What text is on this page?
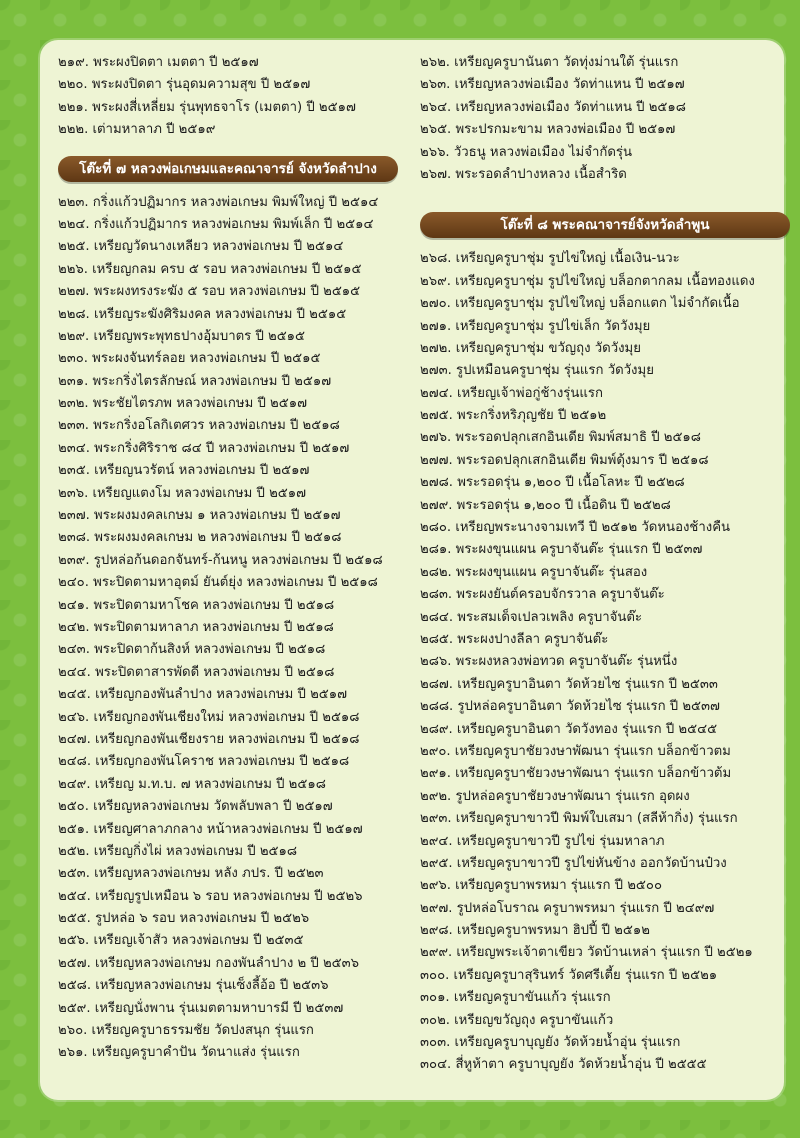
๒๑๙. พระผงปิดตา เมตตา ปี ๒๕๑๗
๒๒๐. พระผงปิดตา รุ่นอุดมความสุข ปี ๒๕๑๗
๒๒๑. พระผงสี่เหลี่ยม รุ่นพุทธจาโร (เมตตา) ปี ๒๕๑๗
๒๒๒. เต่ามหาลาภ ปี ๒๕๑๙
โต๊ะที่ ๗ หลวงพ่อเกษมและคณาจารย์ จังหวัดลำปาง
๒๒๓. กริ่งแก้วปฏิมากร หลวงพ่อเกษม พิมพ์ใหญ่ ปี ๒๕๑๔
๒๒๔. กริ่งแก้วปฏิมากร หลวงพ่อเกษม พิมพ์เล็ก ปี ๒๕๑๔
๒๒๕. เหรียญวัดนางเหลียว หลวงพ่อเกษม ปี ๒๕๑๔
๒๒๖. เหรียญกลม ครบ ๕ รอบ หลวงพ่อเกษม ปี ๒๕๑๕
๒๒๗. พระผงทรงระฆัง ๕ รอบ หลวงพ่อเกษม ปี ๒๕๑๕
๒๒๘. เหรียญระฆังศิริมงคล หลวงพ่อเกษม ปี ๒๕๑๕
๒๒๙. เหรียญพระพุทธปางอุ้มบาตร ปี ๒๕๑๕
๒๓๐. พระผงจันทร์ลอย หลวงพ่อเกษม ปี ๒๕๑๕
๒๓๑. พระกริ่งไตรลักษณ์ หลวงพ่อเกษม ปี ๒๕๑๗
๒๓๒. พระชัยไตรภพ หลวงพ่อเกษม ปี ๒๕๑๗
๒๓๓. พระกริ่งอโลกิเตศวร หลวงพ่อเกษม ปี ๒๕๑๘
๒๓๔. พระกริ่งศิริราช ๘๔ ปี หลวงพ่อเกษม ปี ๒๕๑๗
๒๓๕. เหรียญนวรัตน์ หลวงพ่อเกษม ปี ๒๕๑๗
๒๓๖. เหรียญแตงโม หลวงพ่อเกษม ปี ๒๕๑๗
๒๓๗. พระผงมงคลเกษม ๑ หลวงพ่อเกษม ปี ๒๕๑๗
๒๓๘. พระผงมงคลเกษม ๒ หลวงพ่อเกษม ปี ๒๕๑๘
๒๓๙. รูปหล่อก้นดอกจันทร์-ก้นหนู หลวงพ่อเกษม ปี ๒๕๑๘
๒๔๐. พระปิดตามหาอุตม์ ยันต์ยุ่ง หลวงพ่อเกษม ปี ๒๕๑๘
๒๔๑. พระปิดตามหาโชค หลวงพ่อเกษม ปี ๒๕๑๘
๒๔๒. พระปิดตามหาลาภ หลวงพ่อเกษม ปี ๒๕๑๘
๒๔๓. พระปิดตาก้นสิงห์ หลวงพ่อเกษม ปี ๒๕๑๘
๒๔๔. พระปิดตาสารพัดดี หลวงพ่อเกษม ปี ๒๕๑๘
๒๔๕. เหรียญกองพันลำปาง หลวงพ่อเกษม ปี ๒๕๑๗
๒๔๖. เหรียญกองพันเชียงใหม่ หลวงพ่อเกษม ปี ๒๕๑๘
๒๔๗. เหรียญกองพันเชียงราย หลวงพ่อเกษม ปี ๒๕๑๘
๒๔๘. เหรียญกองพันโคราช หลวงพ่อเกษม ปี ๒๕๑๘
๒๔๙. เหรียญ ม.ท.บ. ๗ หลวงพ่อเกษม ปี ๒๕๑๘
๒๕๐. เหรียญหลวงพ่อเกษม วัดพลับพลา ปี ๒๕๑๗
๒๕๑. เหรียญศาลาภกลาง หน้าหลวงพ่อเกษม ปี ๒๕๑๗
๒๕๒. เหรียญกิ่งไผ่ หลวงพ่อเกษม ปี ๒๕๑๘
๒๕๓. เหรียญหลวงพ่อเกษม หลัง ภปร. ปี ๒๕๒๓
๒๕๔. เหรียญรูปเหมือน ๖ รอบ หลวงพ่อเกษม ปี ๒๕๒๖
๒๕๕. รูปหล่อ ๖ รอบ หลวงพ่อเกษม ปี ๒๕๒๖
๒๕๖. เหรียญเจ้าสัว หลวงพ่อเกษม ปี ๒๕๓๕
๒๕๗. เหรียญหลวงพ่อเกษม กองพันลำปาง ๒ ปี ๒๕๓๖
๒๕๘. เหรียญหลวงพ่อเกษม รุ่นเซ็งลี้อ้อ ปี ๒๕๓๖
๒๕๙. เหรียญนั่งพาน รุ่นเมตตามหาบารมี ปี ๒๕๓๗
๒๖๐. เหรียญครูบาธรรมชัย วัดปงสนุก รุ่นแรก
๒๖๑. เหรียญครูบาคำปัน วัดนาแส่ง รุ่นแรก
๒๖๒. เหรียญครูบานันตา วัดทุ่งม่านใต้ รุ่นแรก
๒๖๓. เหรียญหลวงพ่อเมือง วัดท่าแหน ปี ๒๕๑๗
๒๖๔. เหรียญหลวงพ่อเมือง วัดท่าแหน ปี ๒๕๑๘
๒๖๕. พระปรกมะขาม หลวงพ่อเมือง ปี ๒๕๑๗
๒๖๖. วัวธนู หลวงพ่อเมือง ไม่จำกัดรุ่น
๒๖๗. พระรอดลำปางหลวง เนื้อสำริด
โต๊ะที่ ๘ พระคณาจารย์จังหวัดลำพูน
๒๖๘. เหรียญครูบาชุ่ม รูปไข่ใหญ่ เนื้อเงิน-นวะ
๒๖๙. เหรียญครูบาชุ่ม รูปไข่ใหญ่ บล็อกตากลม เนื้อทองแดง
๒๗๐. เหรียญครูบาชุ่ม รูปไข่ใหญ่ บล็อกแตก ไม่จำกัดเนื้อ
๒๗๑. เหรียญครูบาชุ่ม รูปไข่เล็ก วัดวังมุย
๒๗๒. เหรียญครูบาชุ่ม ขวัญถุง วัดวังมุย
๒๗๓. รูปเหมือนครูบาชุ่ม รุ่นแรก วัดวังมุย
๒๗๔. เหรียญเจ้าพ่อกู่ช้างรุ่นแรก
๒๗๕. พระกริ่งหริภุญชัย ปี ๒๕๑๒
๒๗๖. พระรอดปลุกเสกอินเดีย พิมพ์สมาธิ ปี ๒๕๑๘
๒๗๗. พระรอดปลุกเสกอินเดีย พิมพ์ดุ้งมาร ปี ๒๕๑๘
๒๗๘. พระรอดรุ่น ๑,๒๐๐ ปี เนื้อโลหะ ปี ๒๕๒๘
๒๗๙. พระรอดรุ่น ๑,๒๐๐ ปี เนื้อดิน ปี ๒๕๒๘
๒๘๐. เหรียญพระนางจามเทวี ปี ๒๕๑๒ วัดหนองช้างคืน
๒๘๑. พระผงขุนแผน ครูบาจันต๊ะ รุ่นแรก ปี ๒๕๓๗
๒๘๒. พระผงขุนแผน ครูบาจันต๊ะ รุ่นสอง
๒๘๓. พระผงยันต์ครอบจักรวาล ครูบาจันต๊ะ
๒๘๔. พระสมเด็จเปลวเพลิง ครูบาจันต๊ะ
๒๘๕. พระผงปางลีลา ครูบาจันต๊ะ
๒๘๖. พระผงหลวงพ่อทวด ครูบาจันต๊ะ รุ่นหนึ่ง
๒๘๗. เหรียญครูบาอินตา วัดห้วยไซ รุ่นแรก ปี ๒๕๓๓
๒๘๘. รูปหล่อครูบาอินตา วัดห้วยไซ รุ่นแรก ปี ๒๕๓๗
๒๘๙. เหรียญครูบาอินตา วัดวังทอง รุ่นแรก ปี ๒๕๔๕
๒๙๐. เหรียญครูบาชัยวงษาพัฒนา รุ่นแรก บล็อกข้าวตม
๒๙๑. เหรียญครูบาชัยวงษาพัฒนา รุ่นแรก บล็อกข้าวต้ม
๒๙๒. รูปหล่อครูบาชัยวงษาพัฒนา รุ่นแรก อุดผง
๒๙๓. เหรียญครูบาขาวปี พิมพ์ใบเสมา (สลีห้ากิ่ง) รุ่นแรก
๒๙๔. เหรียญครูบาขาวปี รูปไข่ รุ่นมหาลาภ
๒๙๕. เหรียญครูบาขาวปี รูปไข่หันข้าง ออกวัดบ้านป๋วง
๒๙๖. เหรียญครูบาพรหมา รุ่นแรก ปี ๒๕๐๐
๒๙๗. รูปหล่อโบราณ ครูบาพรหมา รุ่นแรก ปี ๒๔๙๗
๒๙๘. เหรียญครูบาพรหมา ฮิปปี้ ปี ๒๕๑๒
๒๙๙. เหรียญพระเจ้าตาเขียว วัดบ้านเหล่า รุ่นแรก ปี ๒๕๒๑
๓๐๐. เหรียญครูบาสุรินทร์ วัดศรีเตี้ย รุ่นแรก ปี ๒๕๒๑
๓๐๑. เหรียญครูบาขันแก้ว รุ่นแรก
๓๐๒. เหรียญขวัญถุง ครูบาขันแก้ว
๓๐๓. เหรียญครูบาบุญยัง วัดห้วยน้ำอุ่น รุ่นแรก
๓๐๔. สี่หูห้าตา ครูบาบุญยัง วัดห้วยน้ำอุ่น ปี ๒๕๕๕
